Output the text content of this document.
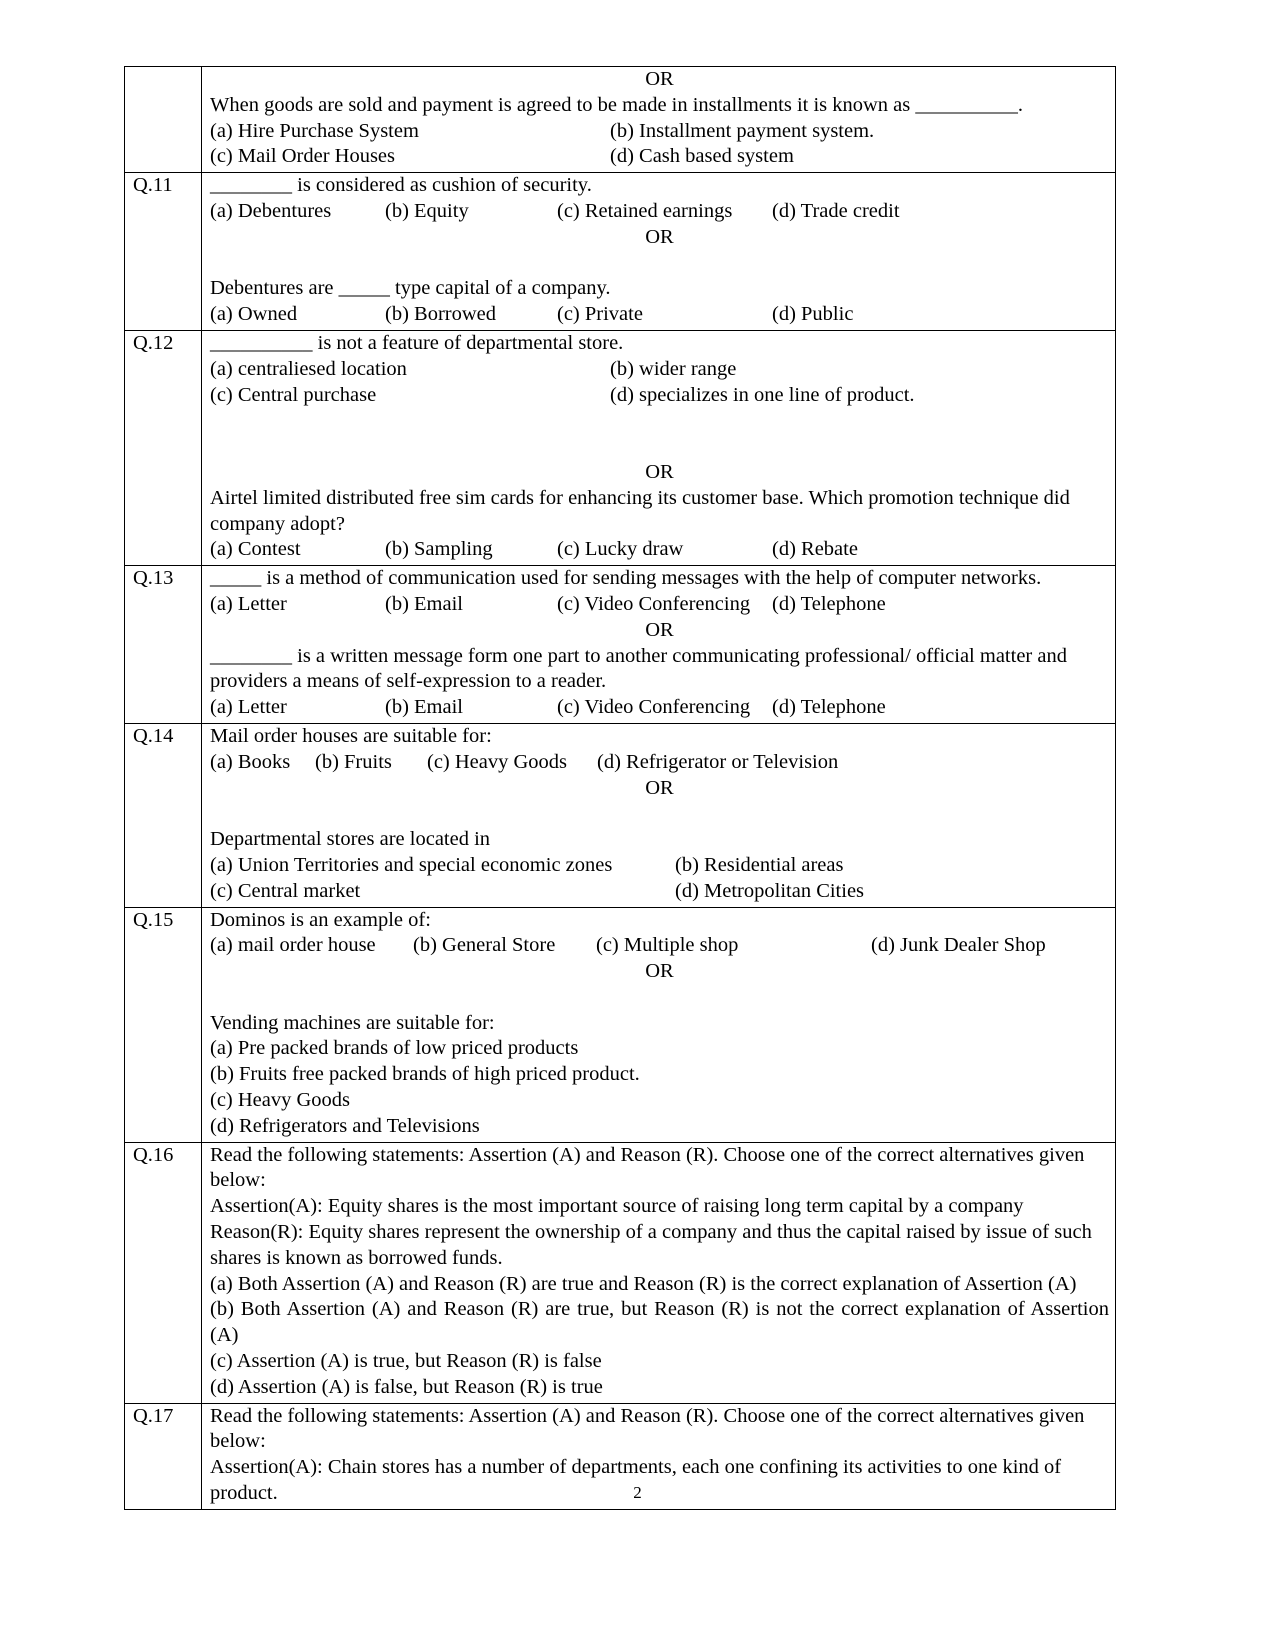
	OR
When goods are sold and payment is agreed to be made in installments it is known as __________.
(a) Hire Purchase System (b) Installment payment system.
(c) Mail Order Houses (d) Cash based system

Q.11	________ is considered as cushion of security.
(a) Debentures (b) Equity (c) Retained earnings (d) Trade credit
OR
Debentures are _____ type capital of a company.
(a) Owned (b) Borrowed (c) Private (d) Public

Q.12	__________ is not a feature of departmental store.
(a) centraliesed location	(b) wider range
(c) Central purchase	(d) specializes in one line of product.
OR
Airtel limited distributed free sim cards for enhancing its customer base. Which promotion technique did company adopt?
(a) Contest	(b) Sampling	(c) Lucky draw	(d) Rebate

Q.13	_____ is a method of communication used for sending messages with the help of computer networks.
(a) Letter (b) Email (c) Video Conferencing (d) Telephone
OR
________ is a written message form one part to another communicating professional/ official matter and providers a means of self-expression to a reader.
(a) Letter (b) Email (c) Video Conferencing (d) Telephone

Q.14	Mail order houses are suitable for:
(a) Books (b) Fruits (c) Heavy Goods (d) Refrigerator or Television
OR
Departmental stores are located in
(a) Union Territories and special economic zones	(b) Residential areas
(c) Central market	(d) Metropolitan Cities

Q.15	Dominos is an example of:
(a) mail order house (b) General Store (c) Multiple shop	(d) Junk Dealer Shop
OR
Vending machines are suitable for:
(a) Pre packed brands of low priced products
(b) Fruits free packed brands of high priced product.
(c) Heavy Goods
(d) Refrigerators and Televisions

Q.16	Read the following statements: Assertion (A) and Reason (R). Choose one of the correct alternatives given below:
Assertion(A): Equity shares is the most important source of raising long term capital by a company
Reason(R): Equity shares represent the ownership of a company and thus the capital raised by issue of such shares is known as borrowed funds.
(a) Both Assertion (A) and Reason (R) are true and Reason (R) is the correct explanation of Assertion (A)
(b) Both Assertion (A) and Reason (R) are true, but Reason (R) is not the correct explanation of Assertion (A)
(c) Assertion (A) is true, but Reason (R) is false
(d) Assertion (A) is false, but Reason (R) is true

Q.17	Read the following statements: Assertion (A) and Reason (R). Choose one of the correct alternatives given below:
Assertion(A): Chain stores has a number of departments, each one confining its activities to one kind of product.	2
